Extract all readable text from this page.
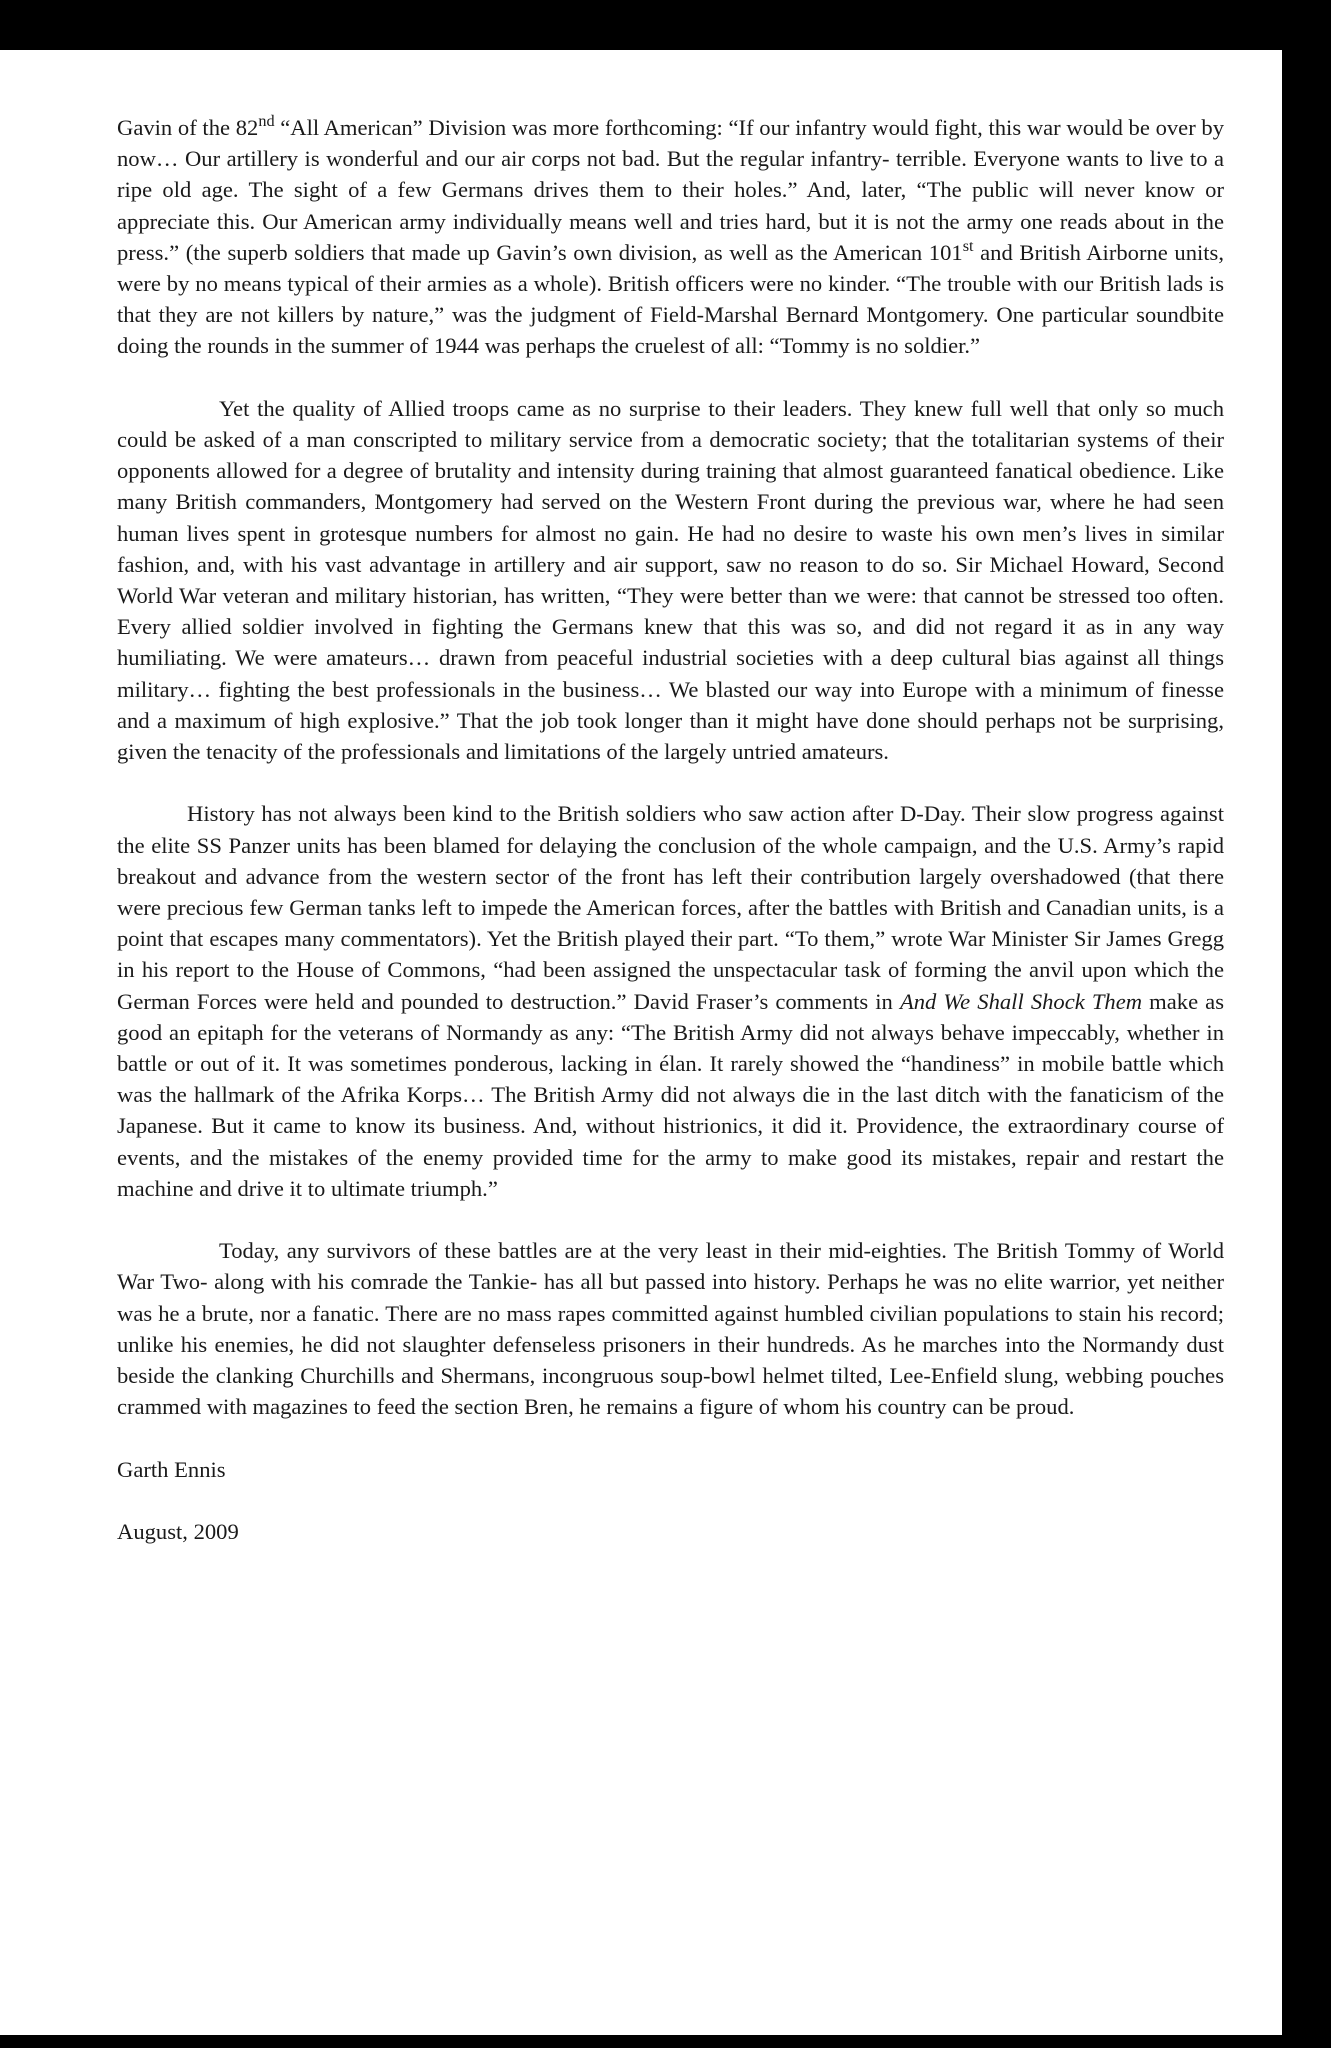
Gavin of the 82nd “All American” Division was more forthcoming: “If our infantry would fight, this war would be over by now… Our artillery is wonderful and our air corps not bad. But the regular infantry- terrible. Everyone wants to live to a ripe old age. The sight of a few Germans drives them to their holes.” And, later, “The public will never know or appreciate this. Our American army individually means well and tries hard, but it is not the army one reads about in the press.” (the superb soldiers that made up Gavin’s own division, as well as the American 101st and British Airborne units, were by no means typical of their armies as a whole). British officers were no kinder. “The trouble with our British lads is that they are not killers by nature,” was the judgment of Field-Marshal Bernard Montgomery. One particular soundbite doing the rounds in the summer of 1944 was perhaps the cruelest of all: “Tommy is no soldier.”

Yet the quality of Allied troops came as no surprise to their leaders. They knew full well that only so much could be asked of a man conscripted to military service from a democratic society; that the totalitarian systems of their opponents allowed for a degree of brutality and intensity during training that almost guaranteed fanatical obedience. Like many British commanders, Montgomery had served on the Western Front during the previous war, where he had seen human lives spent in grotesque numbers for almost no gain. He had no desire to waste his own men’s lives in similar fashion, and, with his vast advantage in artillery and air support, saw no reason to do so. Sir Michael Howard, Second World War veteran and military historian, has written, “They were better than we were: that cannot be stressed too often. Every allied soldier involved in fighting the Germans knew that this was so, and did not regard it as in any way humiliating. We were amateurs… drawn from peaceful industrial societies with a deep cultural bias against all things military… fighting the best professionals in the business… We blasted our way into Europe with a minimum of finesse and a maximum of high explosive.” That the job took longer than it might have done should perhaps not be surprising, given the tenacity of the professionals and limitations of the largely untried amateurs.

History has not always been kind to the British soldiers who saw action after D-Day. Their slow progress against the elite SS Panzer units has been blamed for delaying the conclusion of the whole campaign, and the U.S. Army’s rapid breakout and advance from the western sector of the front has left their contribution largely overshadowed (that there were precious few German tanks left to impede the American forces, after the battles with British and Canadian units, is a point that escapes many commentators). Yet the British played their part. “To them,” wrote War Minister Sir James Gregg in his report to the House of Commons, “had been assigned the unspectacular task of forming the anvil upon which the German Forces were held and pounded to destruction.” David Fraser’s comments in And We Shall Shock Them make as good an epitaph for the veterans of Normandy as any: “The British Army did not always behave impeccably, whether in battle or out of it. It was sometimes ponderous, lacking in élan. It rarely showed the “handiness” in mobile battle which was the hallmark of the Afrika Korps… The British Army did not always die in the last ditch with the fanaticism of the Japanese. But it came to know its business. And, without histrionics, it did it. Providence, the extraordinary course of events, and the mistakes of the enemy provided time for the army to make good its mistakes, repair and restart the machine and drive it to ultimate triumph.”

Today, any survivors of these battles are at the very least in their mid-eighties. The British Tommy of World War Two- along with his comrade the Tankie- has all but passed into history. Perhaps he was no elite warrior, yet neither was he a brute, nor a fanatic. There are no mass rapes committed against humbled civilian populations to stain his record; unlike his enemies, he did not slaughter defenseless prisoners in their hundreds. As he marches into the Normandy dust beside the clanking Churchills and Shermans, incongruous soup-bowl helmet tilted, Lee-Enfield slung, webbing pouches crammed with magazines to feed the section Bren, he remains a figure of whom his country can be proud.

Garth Ennis

August, 2009
